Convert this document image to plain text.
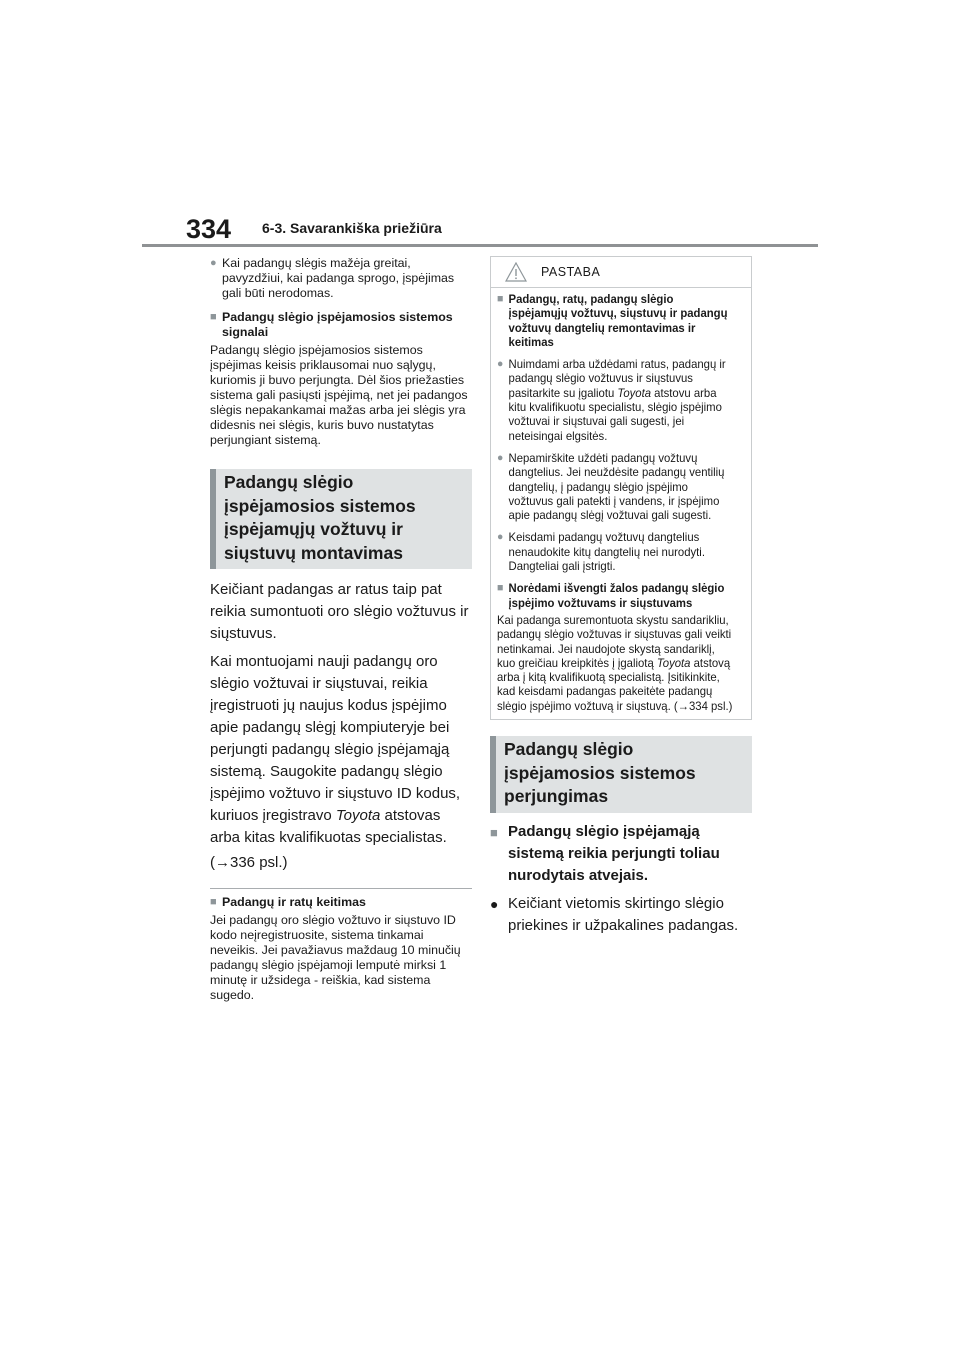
334 6-3. Savarankiška priežiūra
● Kai padangų slėgis mažėja greitai, pavyzdžiui, kai padanga sprogo, įspėjimas gali būti nerodomas.
■ Padangų slėgio įspėjamosios sistemos signalai
Padangų slėgio įspėjamosios sistemos įspėjimas keisis priklausomai nuo sąlygų, kuriomis ji buvo perjungta. Dėl šios priežasties sistema gali pasiųsti įspėjimą, net jei padangos slėgis nepakankamai mažas arba jei slėgis yra didesnis nei slėgis, kuris buvo nustatytas perjungiant sistemą.
Padangų slėgio įspėjamosios sistemos įspėjamųjų vožtuvų ir siųstuvų montavimas
Keičiant padangas ar ratus taip pat reikia sumontuoti oro slėgio vožtuvus ir siųstuvus.
Kai montuojami nauji padangų oro slėgio vožtuvai ir siųstuvai, reikia įregistruoti jų naujus kodus įspėjimo apie padangų slėgį kompiuteryje bei perjungti padangų slėgio įspėjamąją sistemą. Saugokite padangų slėgio įspėjimo vožtuvo ir siųstuvo ID kodus, kuriuos įregistravo Toyota atstovas arba kitas kvalifikuotas specialistas.
(→336 psl.)
■ Padangų ir ratų keitimas
Jei padangų oro slėgio vožtuvo ir siųstuvo ID kodo neįregistruosite, sistema tinkamai neveikis. Jei pavažiavus maždaug 10 minučių padangų slėgio įspėjamoji lemputė mirksi 1 minutę ir užsidega - reiškia, kad sistema sugedo.
PASTABA
■ Padangų, ratų, padangų slėgio įspėjamųjų vožtuvų, siųstuvų ir padangų vožtuvų dangtelių remontavimas ir keitimas
● Nuimdami arba uždėdami ratus, padangų ir padangų slėgio vožtuvus ir siųstuvus pasitarkite su įgaliotu Toyota atstovu arba kitu kvalifikuotu specialistu, slėgio įspėjimo vožtuvai ir siųstuvai gali sugesti, jei neteisingai elgsitės.
● Nepamirškite uždėti padangų vožtuvų dangtelius. Jei neuždėsite padangų ventilių dangtelių, į padangų slėgio įspėjimo vožtuvus gali patekti į vandens, ir įspėjimo apie padangų slėgį vožtuvai gali sugesti.
● Keisdami padangų vožtuvų dangtelius nenaudokite kitų dangtelių nei nurodyti. Dangteliai gali įstrigti.
■ Norėdami išvengti žalos padangų slėgio įspėjimo vožtuvams ir siųstuvams
Kai padanga suremontuota skystu sandarikliu, padangų slėgio vožtuvas ir siųstuvas gali veikti netinkamai. Jei naudojote skystą sandariklį, kuo greičiau kreipkitės į įgaliotą Toyota atstovą arba į kitą kvalifikuotą specialistą. Įsitikinkite, kad keisdami padangas pakeitėte padangų slėgio įspėjimo vožtuvą ir siųstuvą. (→334 psl.)
Padangų slėgio įspėjamosios sistemos perjungimas
■ Padangų slėgio įspėjamąją sistemą reikia perjungti toliau nurodytais atvejais.
● Keičiant vietomis skirtingo slėgio priekines ir užpakalines padangas.
